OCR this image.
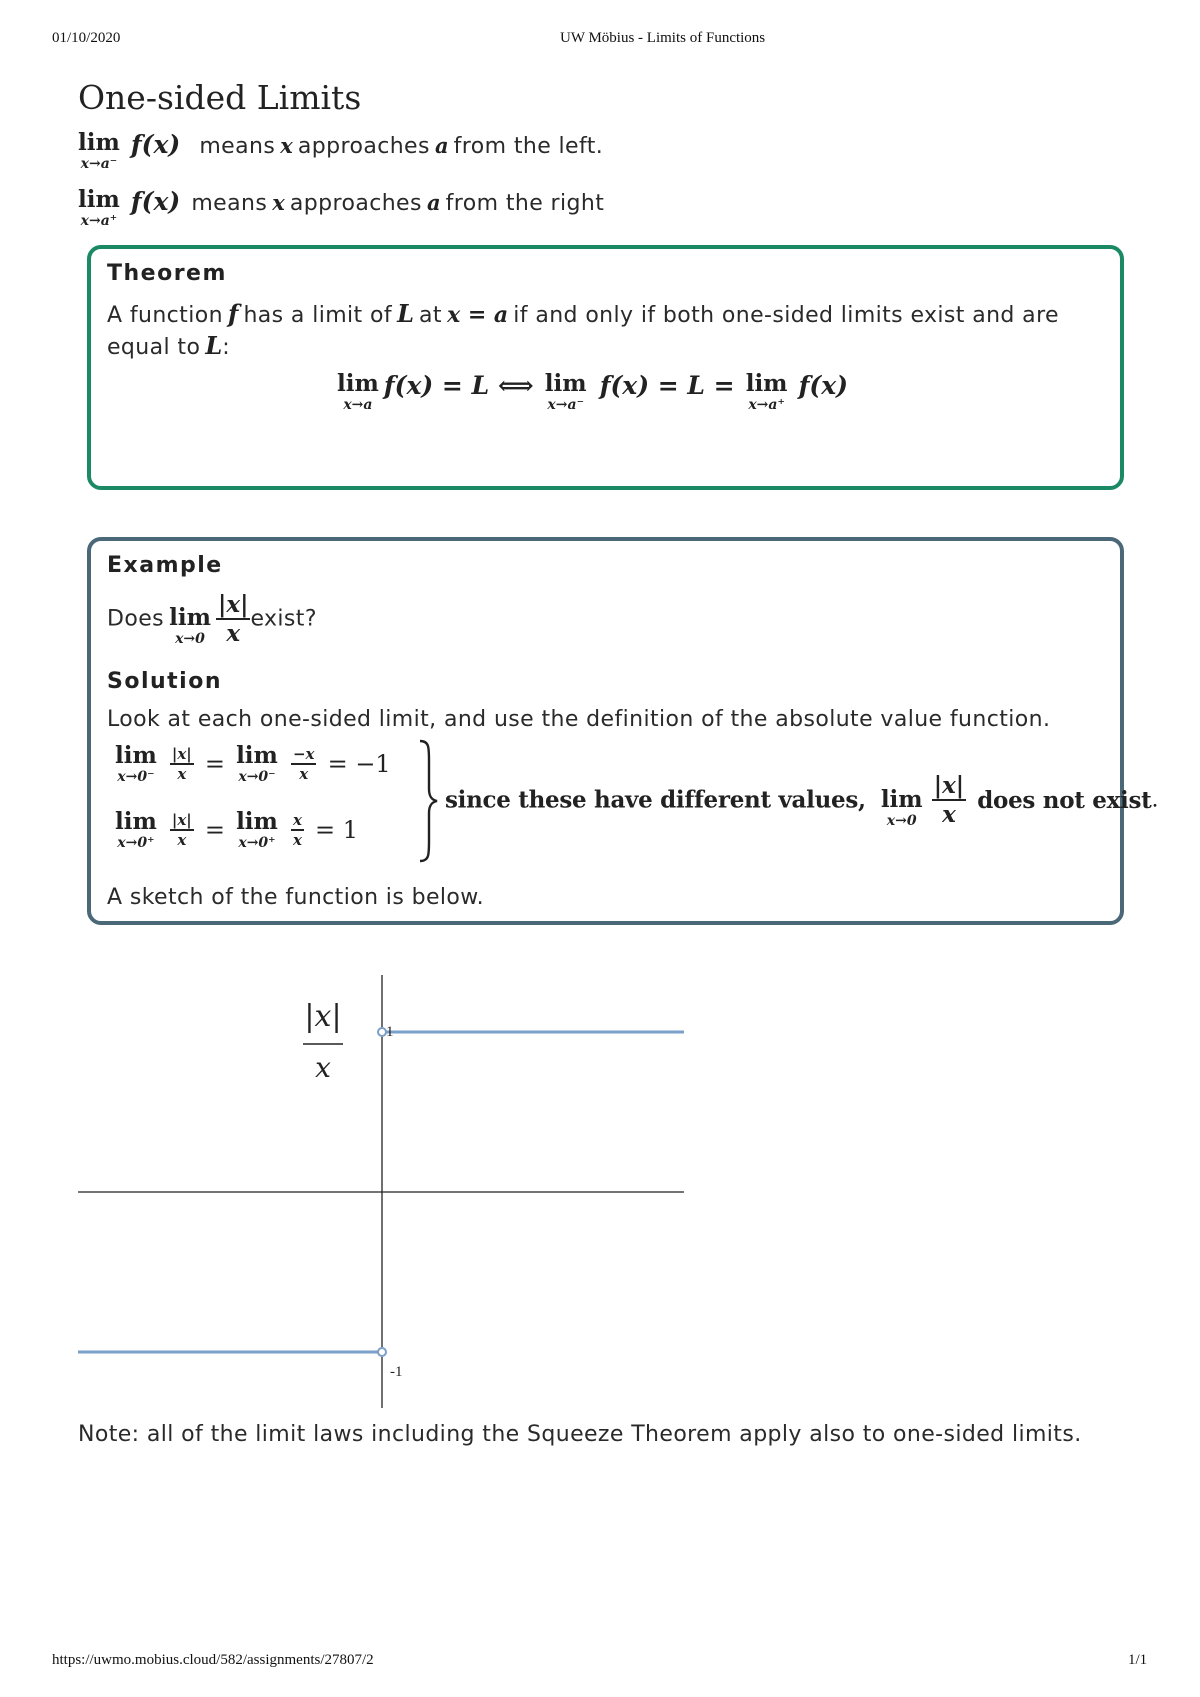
01/10/2020	UW Möbius - Limits of Functions
https://uwmo.mobius.cloud/582/assignments/27807/2	1/1
One-sided Limits
lim
x→a⁻
f(x) means x approaches a from the left.
lim
x→a⁺
f(x) means x approaches a from the right
Theorem
A function f has a limit of L at x = a if and only if both one-sided limits exist and are
equal to L:
lim
x→a
f(x) = L ⟺ lim
x→a⁻
f(x) = L = lim
x→a⁺
f(x)
Example
Does lim
x→0
$\frac{|x|}{x}$ exist?
Solution
Look at each one-sided limit, and use the definition of the absolute value function.
lim
x→0⁻
$\frac{|x|}{x} = \lim$
x→0⁻
$\frac{-x}{x} = -1$
lim
x→0⁺
$\frac{|x|}{x} = \lim$
x→0⁺
$\frac{x}{x} = 1$
since these have different values, lim
x→0
$\frac{|x|}{x}$ does not exist.
A sketch of the function is below.
1
-1
|x|
x
Note: all of the limit laws including the Squeeze Theorem apply also to one-sided limits.
